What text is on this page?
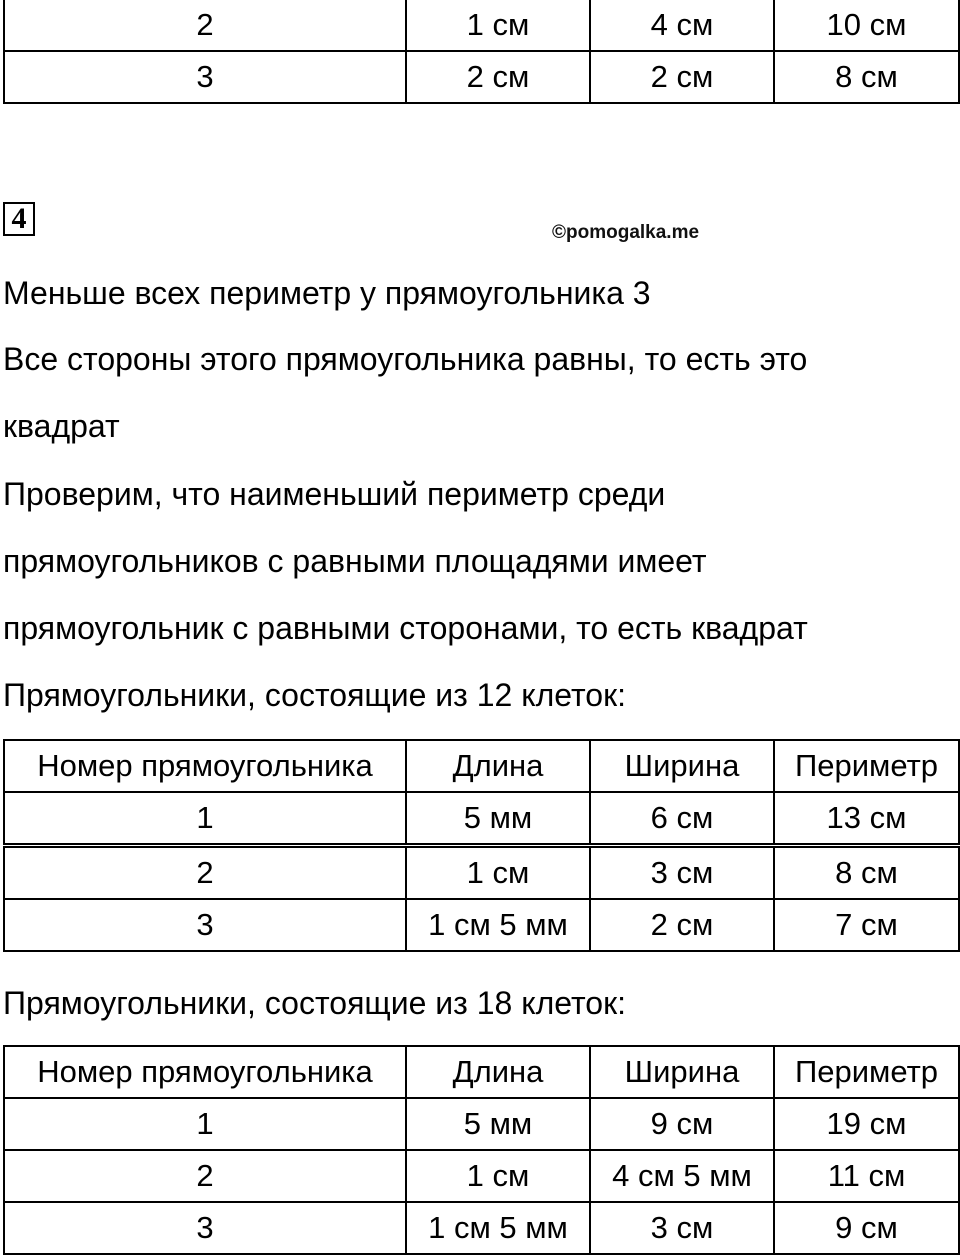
2	1 см	4 см	10 см
3	2 см	2 см	8 см
4	©pomogalka.me
Меньше всех периметр у прямоугольника 3
Все стороны этого прямоугольника равны, то есть это
квадрат
Проверим, что наименьший периметр среди
прямоугольников с равными площадями имеет
прямоугольник с равными сторонами, то есть квадрат
Прямоугольники, состоящие из 12 клеток:
Номер прямоугольника	Длина	Ширина	Периметр
1	5 мм	6 см	13 см
2	1 см	3 см	8 см
3	1 см 5 мм	2 см	7 см
Прямоугольники, состоящие из 18 клеток:
Номер прямоугольника	Длина	Ширина	Периметр
1	5 мм	9 см	19 см
2	1 см	4 см 5 мм	11 см
3	1 см 5 мм	3 см	9 см
